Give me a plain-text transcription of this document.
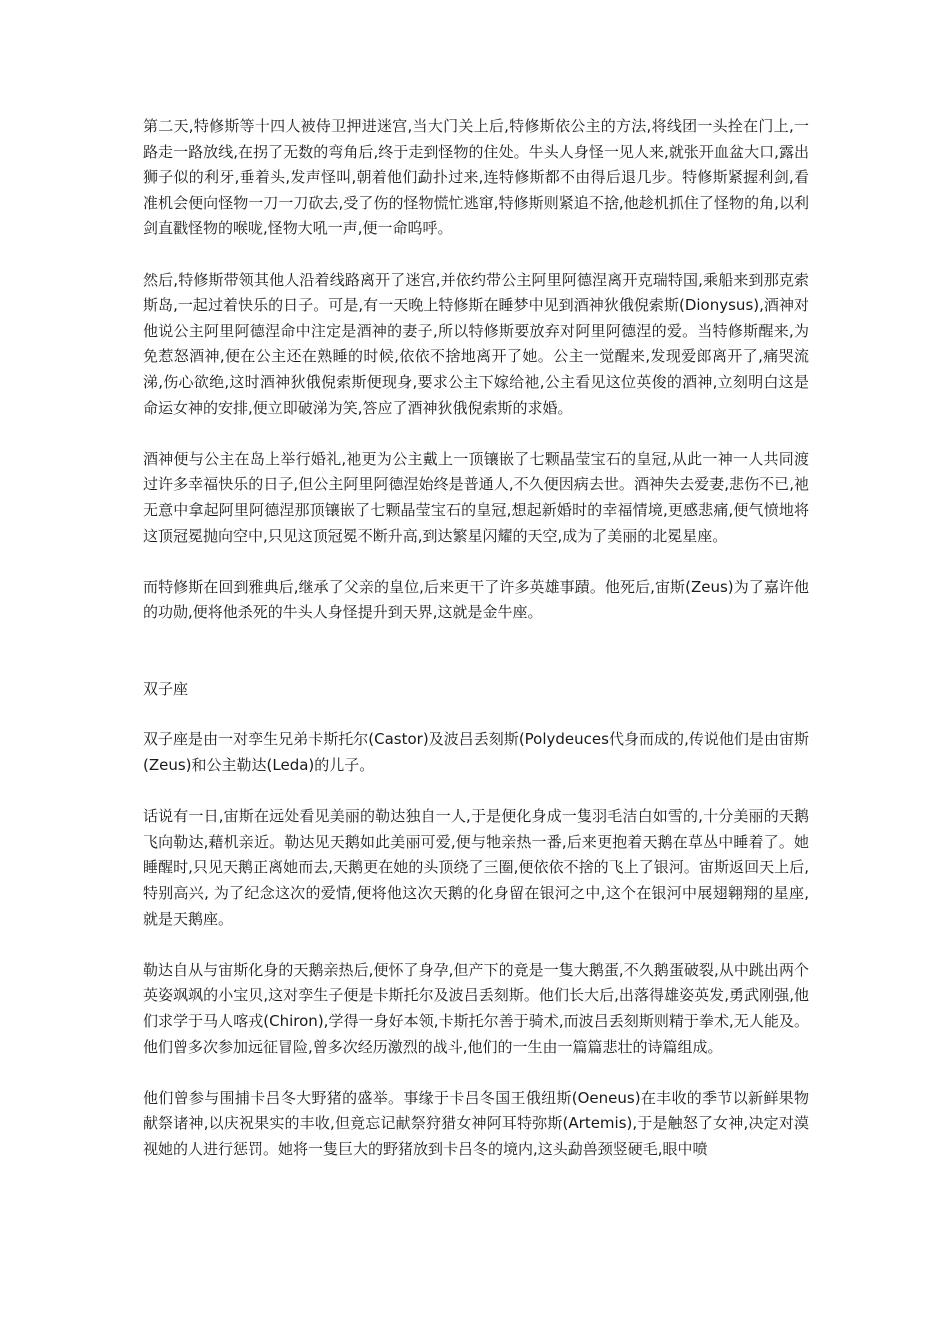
第二天,特修斯等十四人被侍卫押进迷宫,当大门关上后,特修斯依公主的方法,将线团一头拴在门上,一路走一路放线,在拐了无数的弯角后,终于走到怪物的住处。牛头人身怪一见人来,就张开血盆大口,露出狮子似的利牙,垂着头,发声怪叫,朝着他们勐扑过来,连特修斯都不由得后退几步。特修斯紧握利剑,看准机会便向怪物一刀一刀砍去,受了伤的怪物慌忙逃窜,特修斯则紧追不捨,他趁机抓住了怪物的角,以利剑直戳怪物的喉咙,怪物大吼一声,便一命呜呼。

然后,特修斯带领其他人沿着线路离开了迷宫,并依约带公主阿里阿德涅离开克瑞特国,乘船来到那克索斯岛,一起过着快乐的日子。可是,有一天晚上特修斯在睡梦中见到酒神狄俄倪索斯(Dionysus),酒神对他说公主阿里阿德涅命中注定是酒神的妻子,所以特修斯要放弃对阿里阿德涅的爱。当特修斯醒来,为免惹怒酒神,便在公主还在熟睡的时候,依依不捨地离开了她。公主一觉醒来,发现爱郎离开了,痛哭流涕,伤心欲绝,这时酒神狄俄倪索斯便现身,要求公主下嫁给祂,公主看见这位英俊的酒神,立刻明白这是命运女神的安排,便立即破涕为笑,答应了酒神狄俄倪索斯的求婚。

酒神便与公主在岛上举行婚礼,祂更为公主戴上一顶镶嵌了七颗晶莹宝石的皇冠,从此一神一人共同渡过许多幸福快乐的日子,但公主阿里阿德涅始终是普通人,不久便因病去世。酒神失去爱妻,悲伤不已,祂无意中拿起阿里阿德涅那顶镶嵌了七颗晶莹宝石的皇冠,想起新婚时的幸福情境,更感悲痛,便气愤地将这顶冠冕抛向空中,只见这顶冠冕不断升高,到达繁星闪耀的天空,成为了美丽的北冕星座。

而特修斯在回到雅典后,继承了父亲的皇位,后来更干了许多英雄事蹟。他死后,宙斯(Zeus)为了嘉许他的功勋,便将他杀死的牛头人身怪提升到天界,这就是金牛座。

双子座

双子座是由一对孪生兄弟卡斯托尔(Castor)及波吕丢刻斯(Polydeuces代身而成的,传说他们是由宙斯(Zeus)和公主勒达(Leda)的儿子。

话说有一日,宙斯在远处看见美丽的勒达独自一人,于是便化身成一隻羽毛洁白如雪的,十分美丽的天鹅飞向勒达,藉机亲近。勒达见天鹅如此美丽可爱,便与牠亲热一番,后来更抱着天鹅在草丛中睡着了。她睡醒时,只见天鹅正离她而去,天鹅更在她的头顶绕了三圈,便依依不捨的飞上了银河。宙斯返回天上后,特别高兴, 为了纪念这次的爱情,便将他这次天鹅的化身留在银河之中,这个在银河中展翅翱翔的星座,就是天鹅座。

勒达自从与宙斯化身的天鹅亲热后,便怀了身孕,但产下的竟是一隻大鹅蛋,不久鹅蛋破裂,从中跳出两个英姿飒飒的小宝贝,这对孪生子便是卡斯托尔及波吕丢刻斯。他们长大后,出落得雄姿英发,勇武刚强,他们求学于马人喀戎(Chiron),学得一身好本领,卡斯托尔善于骑术,而波吕丢刻斯则精于拳术,无人能及。他们曾多次参加远征冒险,曾多次经历激烈的战斗,他们的一生由一篇篇悲壮的诗篇组成。

他们曾参与围捕卡吕冬大野猪的盛举。事缘于卡吕冬国王俄纽斯(Oeneus)在丰收的季节以新鲜果物献祭诸神,以庆祝果实的丰收,但竟忘记献祭狩猎女神阿耳特弥斯(Artemis),于是触怒了女神,决定对漠视她的人进行惩罚。她将一隻巨大的野猪放到卡吕冬的境内,这头勐兽颈竖硬毛,眼中喷
